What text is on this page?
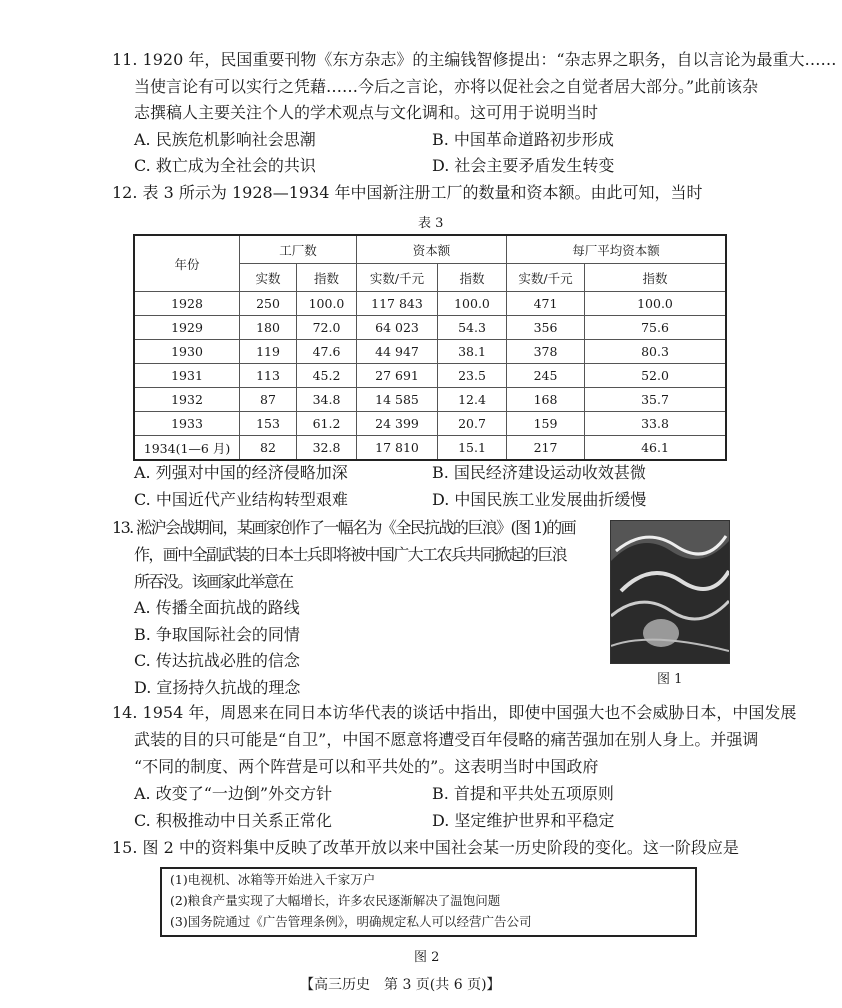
11. 1920 年，民国重要刊物《东方杂志》的主编钱智修提出：“杂志界之职务，自以言论为最重大……
当使言论有可以实行之凭藉……今后之言论，亦将以促社会之自觉者居大部分。”此前该杂
志撰稿人主要关注个人的学术观点与文化调和。这可用于说明当时
A. 民族危机影响社会思潮	B. 中国革命道路初步形成
C. 救亡成为全社会的共识	D. 社会主要矛盾发生转变
12. 表 3 所示为 1928—1934 年中国新注册工厂的数量和资本额。由此可知，当时
表 3
年份	工厂数		资本额		每厂平均资本额	
	实数	指数	实数/千元	指数	实数/千元	指数
1928	250	100.0	117 843	100.0	471	100.0
1929	180	72.0	64 023	54.3	356	75.6
1930	119	47.6	44 947	38.1	378	80.3
1931	113	45.2	27 691	23.5	245	52.0
1932	87	34.8	14 585	12.4	168	35.7
1933	153	61.2	24 399	20.7	159	33.8
1934(1—6 月)	82	32.8	17 810	15.1	217	46.1
A. 列强对中国的经济侵略加深	B. 国民经济建设运动收效甚微
C. 中国近代产业结构转型艰难	D. 中国民族工业发展曲折缓慢
13. 淞沪会战期间，某画家创作了一幅名为《全民抗战的巨浪》(图 1)的画
作，画中全副武装的日本士兵即将被中国广大工农兵共同掀起的巨浪
所吞没。该画家此举意在
A. 传播全面抗战的路线
B. 争取国际社会的同情
C. 传达抗战必胜的信念
D. 宣扬持久抗战的理念	图 1
14. 1954 年，周恩来在同日本访华代表的谈话中指出，即使中国强大也不会威胁日本，中国发展
武装的目的只可能是“自卫”，中国不愿意将遭受百年侵略的痛苦强加在别人身上。并强调
“不同的制度、两个阵营是可以和平共处的”。这表明当时中国政府
A. 改变了“一边倒”外交方针	B. 首提和平共处五项原则
C. 积极推动中日关系正常化	D. 坚定维护世界和平稳定
15. 图 2 中的资料集中反映了改革开放以来中国社会某一历史阶段的变化。这一阶段应是
(1)电视机、冰箱等开始进入千家万户
(2)粮食产量实现了大幅增长，许多农民逐渐解决了温饱问题
(3)国务院通过《广告管理条例》，明确规定私人可以经营广告公司
图 2
【高三历史　第 3 页(共 6 页)】
